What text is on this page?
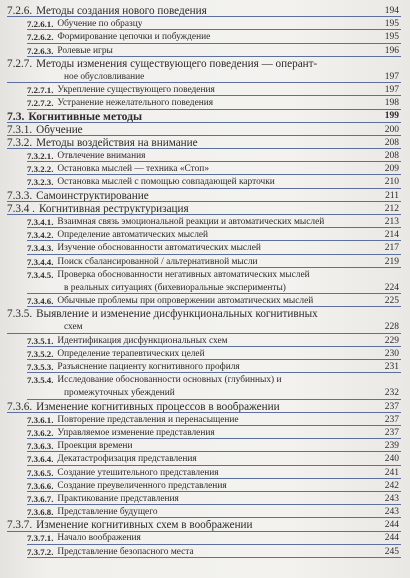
7.2.6. Методы создания нового поведения	194
7.2.6.1. Обучение по образцу	195
7.2.6.2. Формирование цепочки и побуждение	195
7.2.6.3. Ролевые игры	196
7.2.7. Методы изменения существующего поведения — оперант-
ное обусловливание	197
7.2.7.1. Укрепление существующего поведения	197
7.2.7.2. Устранение нежелательного поведения	198
7.3. Когнитивные методы	199
7.3.1. Обучение	200
7.3.2. Методы воздействия на внимание	208
7.3.2.1. Отвлечение внимания	208
7.3.2.2. Остановка мыслей — техника «Стоп»	209
7.3.2.3. Остановка мыслей с помощью совпадающей карточки	210
7.3.3. Самоинструктирование	211
7.3.4 . Когнитивная реструктуризация	212
7.3.4.1. Взаимная связь эмоциональной реакции и автоматических мыслей	213
7.3.4.2. Определение автоматических мыслей	214
7.3.4.3. Изучение обоснованности автоматических мыслей	217
7.3.4.4. Поиск сбалансированной / альтернативной мысли	219
7.3.4.5. Проверка обоснованности негативных автоматических мыслей
в реальных ситуациях (бихевиоральные эксперименты)	224
7.3.4.6. Обычные проблемы при опровержении автоматических мыслей	225
7.3.5. Выявление и изменение дисфункциональных когнитивных
схем	228
7.3.5.1. Идентификация дисфункциональных схем	229
7.3.5.2. Определение терапевтических целей	230
7.3.5.3. Разъяснение пациенту когнитивного профиля	231
7.3.5.4. Исследование обоснованности основных (глубинных) и
промежуточных убеждений	232
7.3.6. Изменение когнитивных процессов в воображении	237
7.3.6.1. Повторение представления и перенасыщение	237
7.3.6.2. Управляемое изменение представления	237
7.3.6.3. Проекция времени	239
7.3.6.4. Декатастрофизация представления	240
7.3.6.5. Создание утешительного представления	241
7.3.6.6. Создание преувеличенного представления	242
7.3.6.7. Практикование представления	243
7.3.6.8. Представление будущего	243
7.3.7. Изменение когнитивных схем в воображении	244
7.3.7.1. Начало воображения	244
7.3.7.2. Представление безопасного места	245
